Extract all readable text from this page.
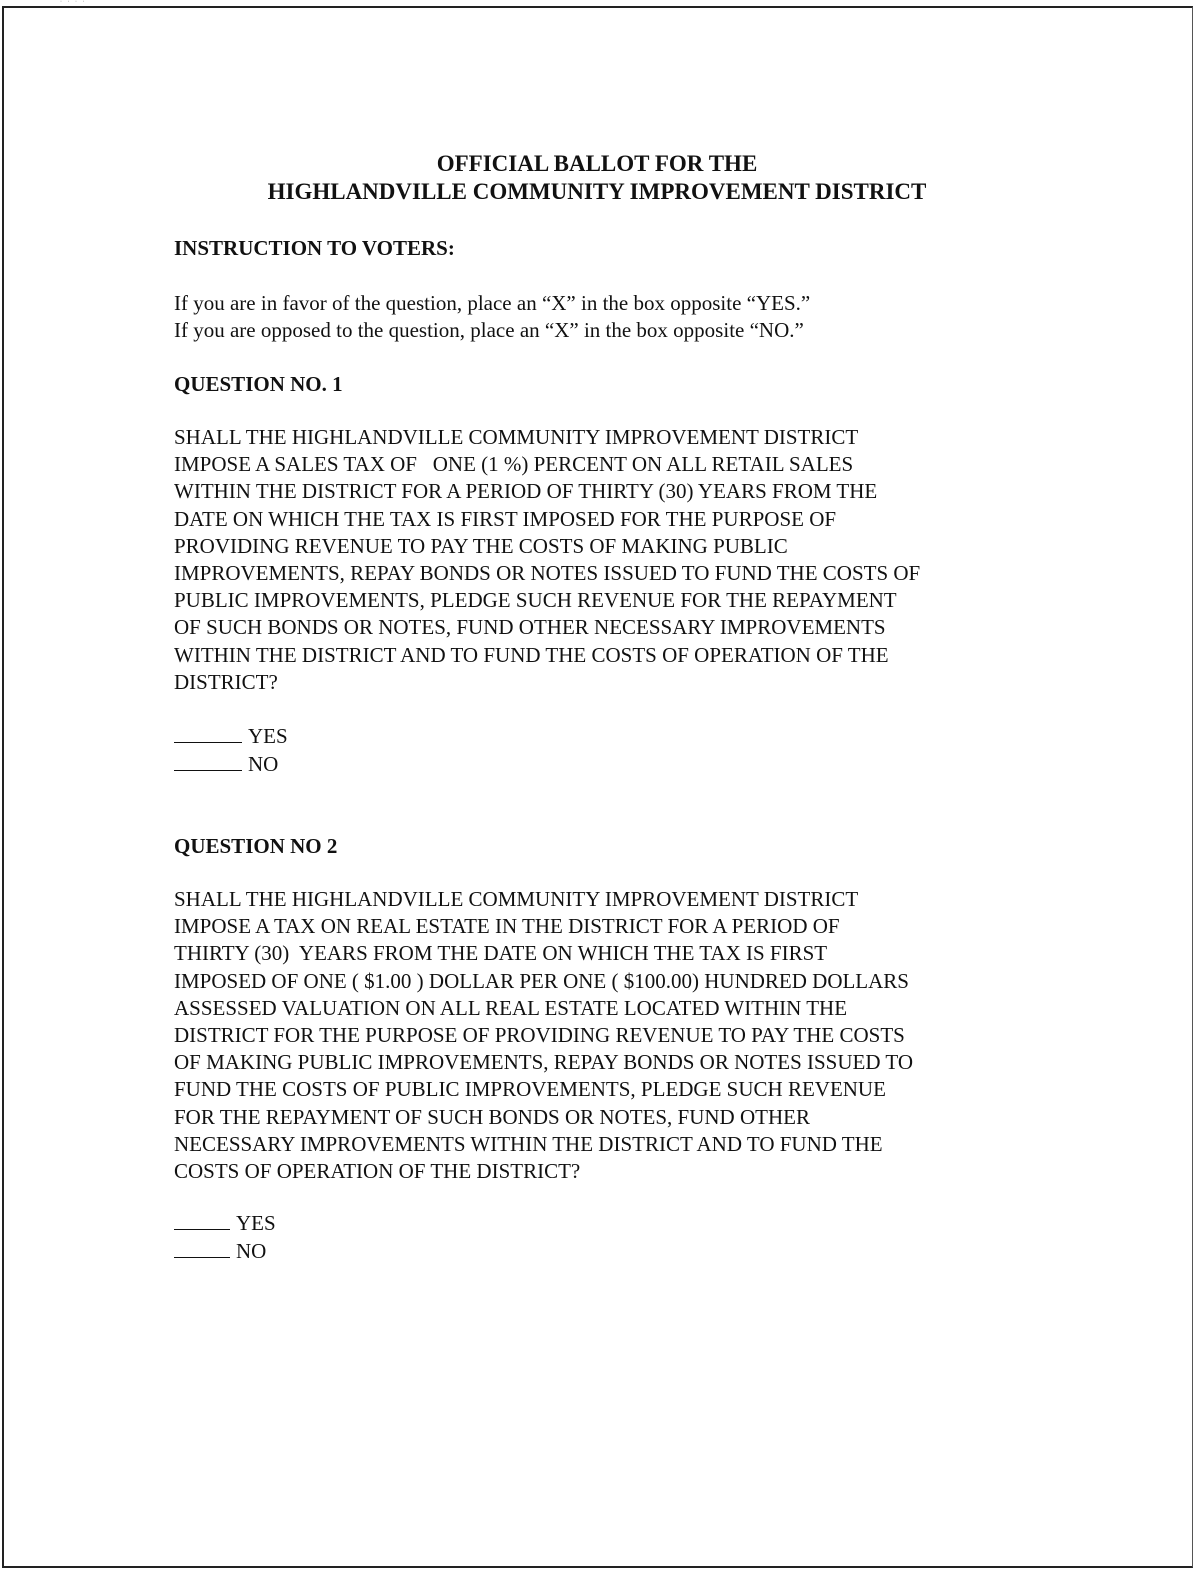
· · · ·
OFFICIAL BALLOT FOR THE
HIGHLANDVILLE COMMUNITY IMPROVEMENT DISTRICT
INSTRUCTION TO VOTERS:
If you are in favor of the question, place an “X” in the box opposite “YES.”
If you are opposed to the question, place an “X” in the box opposite “NO.”
QUESTION NO. 1
SHALL THE HIGHLANDVILLE COMMUNITY IMPROVEMENT DISTRICT
IMPOSE A SALES TAX OF   ONE (1 %) PERCENT ON ALL RETAIL SALES
WITHIN THE DISTRICT FOR A PERIOD OF THIRTY (30) YEARS FROM THE
DATE ON WHICH THE TAX IS FIRST IMPOSED FOR THE PURPOSE OF
PROVIDING REVENUE TO PAY THE COSTS OF MAKING PUBLIC
IMPROVEMENTS, REPAY BONDS OR NOTES ISSUED TO FUND THE COSTS OF
PUBLIC IMPROVEMENTS, PLEDGE SUCH REVENUE FOR THE REPAYMENT
OF SUCH BONDS OR NOTES, FUND OTHER NECESSARY IMPROVEMENTS
WITHIN THE DISTRICT AND TO FUND THE COSTS OF OPERATION OF THE
DISTRICT?
YES
NO
QUESTION NO 2
SHALL THE HIGHLANDVILLE COMMUNITY IMPROVEMENT DISTRICT
IMPOSE A TAX ON REAL ESTATE IN THE DISTRICT FOR A PERIOD OF
THIRTY (30)  YEARS FROM THE DATE ON WHICH THE TAX IS FIRST
IMPOSED OF ONE ( $1.00 ) DOLLAR PER ONE ( $100.00) HUNDRED DOLLARS
ASSESSED VALUATION ON ALL REAL ESTATE LOCATED WITHIN THE
DISTRICT FOR THE PURPOSE OF PROVIDING REVENUE TO PAY THE COSTS
OF MAKING PUBLIC IMPROVEMENTS, REPAY BONDS OR NOTES ISSUED TO
FUND THE COSTS OF PUBLIC IMPROVEMENTS, PLEDGE SUCH REVENUE
FOR THE REPAYMENT OF SUCH BONDS OR NOTES, FUND OTHER
NECESSARY IMPROVEMENTS WITHIN THE DISTRICT AND TO FUND THE
COSTS OF OPERATION OF THE DISTRICT?
YES
NO
